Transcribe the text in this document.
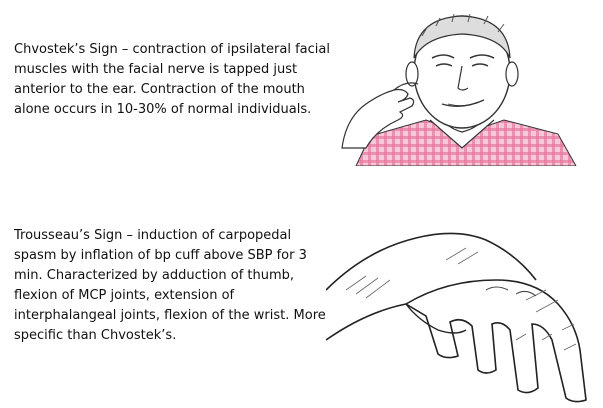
Chvostek’s Sign – contraction of ipsilateral facial
muscles with the facial nerve is tapped just
anterior to the ear. Contraction of the mouth
alone occurs in 10-30% of normal individuals.
Trousseau’s Sign – induction of carpopedal
spasm by inflation of bp cuff above SBP for 3
min. Characterized by adduction of thumb,
flexion of MCP joints, extension of
interphalangeal joints, flexion of the wrist. More
specific than Chvostek’s.
